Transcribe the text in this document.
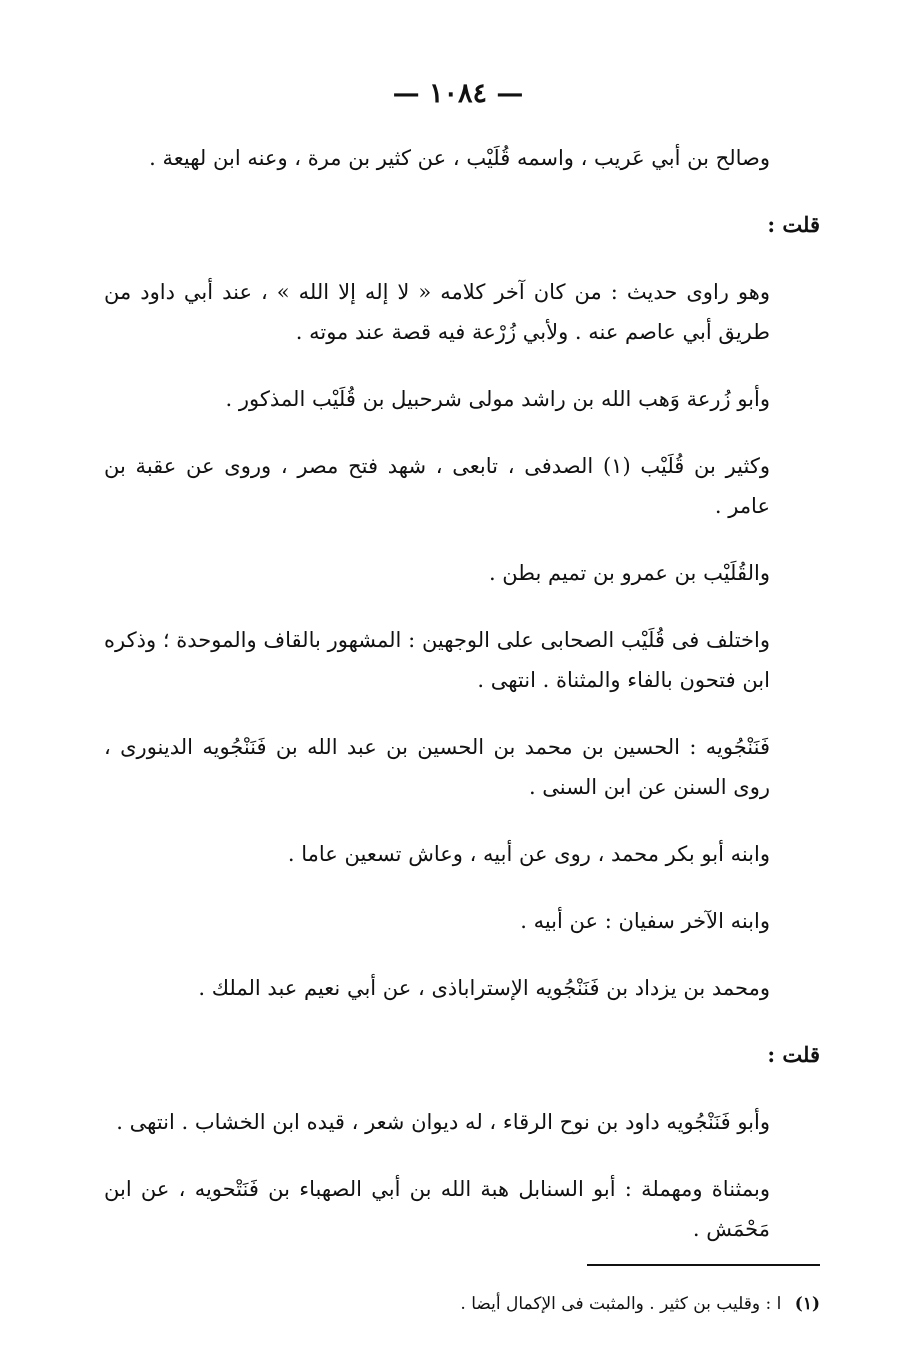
— ١٠٨٤ —

وصالح بن أبي عَريب ، واسمه قُلَيْب ، عن كثير بن مرة ، وعنه ابن لهيعة .

قلت :

وهو راوى حديث : من كان آخر كلامه « لا إله إلا الله » ، عند أبي داود من طريق أبي عاصم عنه . ولأبي زُرْعة فيه قصة عند موته .

وأبو زُرعة وَهب الله بن راشد مولى شرحبيل بن قُلَيْب المذكور .

وكثير بن قُلَيْب (١) الصدفى ، تابعى ، شهد فتح مصر ، وروى عن عقبة بن عامر .

والقُلَيْب بن عمرو بن تميم بطن .

واختلف فى قُلَيْب الصحابى على الوجهين : المشهور بالقاف والموحدة ؛ وذكره ابن فتحون بالفاء والمثناة . انتهى .

فَنَنْجُويه : الحسين بن محمد بن الحسين بن عبد الله بن فَنَنْجُويه الدينورى ، روى السنن عن ابن السنى .

وابنه أبو بكر محمد ، روى عن أبيه ، وعاش تسعين عاما .

وابنه الآخر سفيان : عن أبيه .

ومحمد بن يزداد بن فَنَنْجُويه الإستراباذى ، عن أبي نعيم عبد الملك .

قلت :

وأبو فَنَنْجُويه داود بن نوح الرقاء ، له ديوان شعر ، قيده ابن الخشاب . انتهى .

وبمثناة ومهملة : أبو السنابل هبة الله بن أبي الصهباء بن فَنَتْحويه ، عن ابن مَحْمَش .

(١) ا : وقليب بن كثير . والمثبت فى الإكمال أيضا .
